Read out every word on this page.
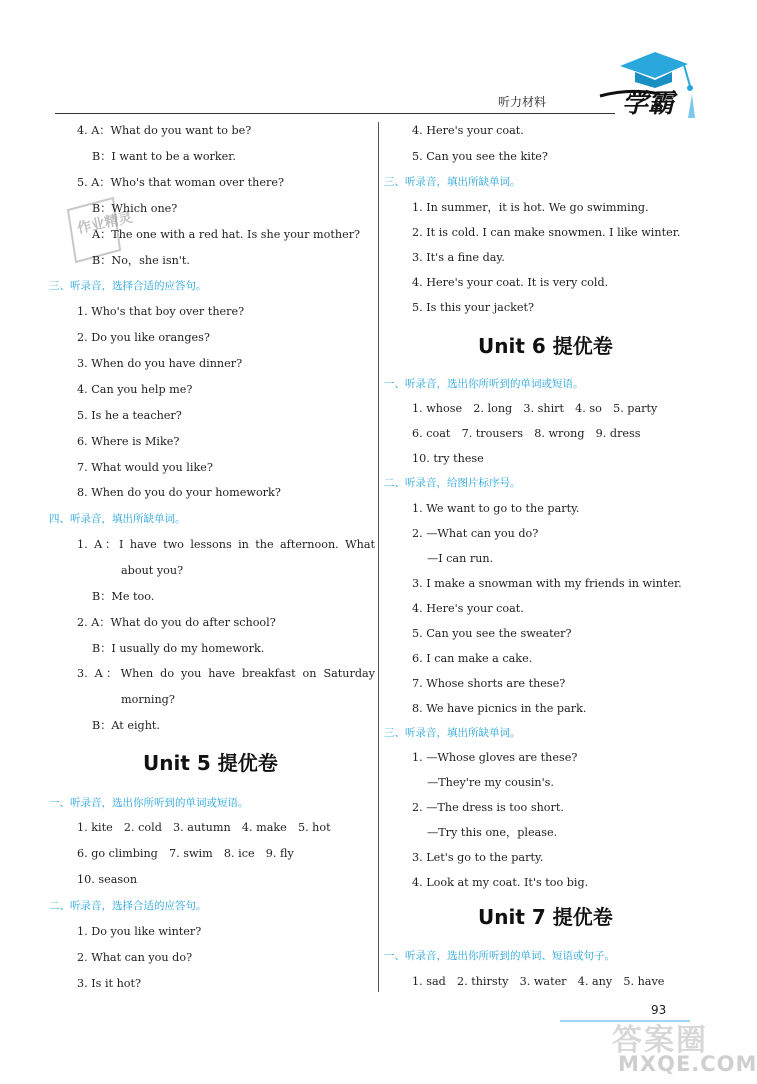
听力材料	学霸
作业精灵
4. A：What do you want to be?
B：I want to be a worker.
5. A：Who's that woman over there?
B：Which one?
A：The one with a red hat. Is she your mother?
B：No，she isn't.
三、听录音，选择合适的应答句。
1. Who's that boy over there?
2. Do you like oranges?
3. When do you have dinner?
4. Can you help me?
5. Is he a teacher?
6. Where is Mike?
7. What would you like?
8. When do you do your homework?
四、听录音，填出所缺单词。
1. A：I have two lessons in the afternoon. What
about you?
B：Me too.
2. A：What do you do after school?
B：I usually do my homework.
3. A：When do you have breakfast on Saturday
morning?
B：At eight.
Unit 5 提优卷
一、听录音，选出你所听到的单词或短语。
1. kite　2. cold　3. autumn　4. make　5. hot
6. go climbing　7. swim　8. ice　9. fly
10. season
二、听录音，选择合适的应答句。
1. Do you like winter?
2. What can you do?
3. Is it hot?
4. Here's your coat.
5. Can you see the kite?
三、听录音，填出所缺单词。
1. In summer，it is hot. We go swimming.
2. It is cold. I can make snowmen. I like winter.
3. It's a fine day.
4. Here's your coat. It is very cold.
5. Is this your jacket?
Unit 6 提优卷
一、听录音，选出你所听到的单词或短语。
1. whose　2. long　3. shirt　4. so　5. party
6. coat　7. trousers　8. wrong　9. dress
10. try these
二、听录音，给图片标序号。
1. We want to go to the party.
2. —What can you do?
—I can run.
3. I make a snowman with my friends in winter.
4. Here's your coat.
5. Can you see the sweater?
6. I can make a cake.
7. Whose shorts are these?
8. We have picnics in the park.
三、听录音，填出所缺单词。
1. —Whose gloves are these?
—They're my cousin's.
2. —The dress is too short.
—Try this one，please.
3. Let's go to the party.
4. Look at my coat. It's too big.
Unit 7 提优卷
一、听录音，选出你所听到的单词、短语或句子。
1. sad　2. thirsty　3. water　4. any　5. have
93
答案圈
MXQE.COM
